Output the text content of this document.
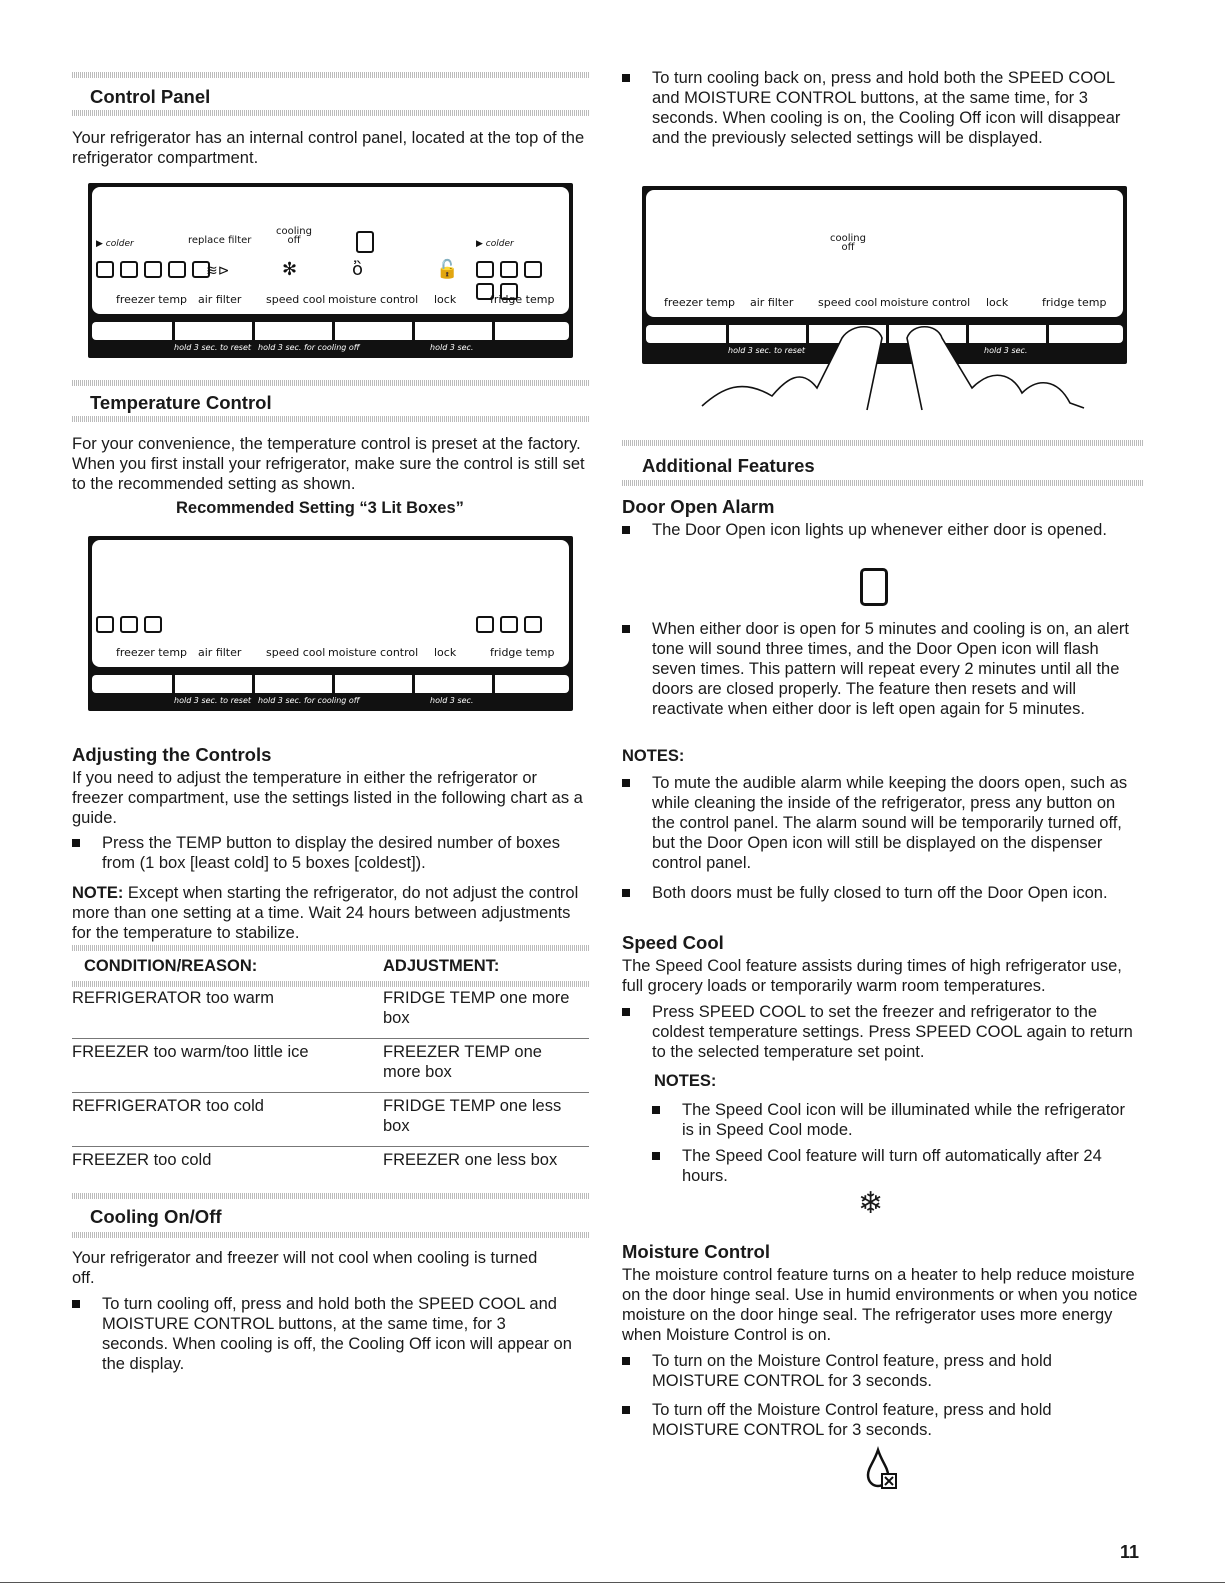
Control Panel

Your refrigerator has an internal control panel, located at the top of the refrigerator compartment.

▶ colder	replace filter
cooling off	▶ colder
≋⊳	✻	ὂ	🔓
freezer temp air filter speed cool moisture control lock	fridge temp
hold 3 sec. to reset hold 3 sec. for cooling off	hold 3 sec.
Temperature Control

For your convenience, the temperature control is preset at the factory. When you first install your refrigerator, make sure the control is still set to the recommended setting as shown.

Recommended Setting “3 Lit Boxes”
freezer temp air filter speed cool moisture control lock	fridge temp
hold 3 sec. to reset hold 3 sec. for cooling off	hold 3 sec.
Adjusting the Controls

If you need to adjust the temperature in either the refrigerator or freezer compartment, use the settings listed in the following chart as a guide.

Press the TEMP button to display the desired number of boxes from (1 box [least cold] to 5 boxes [coldest]).

NOTE: Except when starting the refrigerator, do not adjust the control more than one setting at a time. Wait 24 hours between adjustments for the temperature to stabilize.

CONDITION/REASON:	ADJUSTMENT:
REFRIGERATOR too warm	FRIDGE TEMP one more box
FREEZER too warm/too little ice	FREEZER TEMP one more box
REFRIGERATOR too cold	FRIDGE TEMP one less box
FREEZER too cold	FREEZER one less box
Cooling On/Off

Your refrigerator and freezer will not cool when cooling is turned off.

To turn cooling off, press and hold both the SPEED COOL and MOISTURE CONTROL buttons, at the same time, for 3 seconds. When cooling is off, the Cooling Off icon will appear on the display.
To turn cooling back on, press and hold both the SPEED COOL and MOISTURE CONTROL buttons, at the same time, for 3 seconds. When cooling is on, the Cooling Off icon will disappear and the previously selected settings will be displayed.
cooling off
freezer temp air filter speed cool moisture control lock	fridge temp
hold 3 sec. to reset	hold 3 sec.
Additional Features
Door Open Alarm
The Door Open icon lights up whenever either door is opened.
When either door is open for 5 minutes and cooling is on, an alert tone will sound three times, and the Door Open icon will flash seven times. This pattern will repeat every 2 minutes until all the doors are closed properly. The feature then resets and will reactivate when either door is left open again for 5 minutes.
NOTES:
To mute the audible alarm while keeping the doors open, such as while cleaning the inside of the refrigerator, press any button on the control panel. The alarm sound will be temporarily turned off, but the Door Open icon will still be displayed on the dispenser control panel.
Both doors must be fully closed to turn off the Door Open icon.
Speed Cool

The Speed Cool feature assists during times of high refrigerator use, full grocery loads or temporarily warm room temperatures.

Press SPEED COOL to set the freezer and refrigerator to the coldest temperature settings. Press SPEED COOL again to return to the selected temperature set point.
NOTES:
The Speed Cool icon will be illuminated while the refrigerator is in Speed Cool mode.
The Speed Cool feature will turn off automatically after 24 hours.
❄
Moisture Control

The moisture control feature turns on a heater to help reduce moisture on the door hinge seal. Use in humid environments or when you notice moisture on the door hinge seal. The refrigerator uses more energy when Moisture Control is on.

To turn on the Moisture Control feature, press and hold MOISTURE CONTROL for 3 seconds.
To turn off the Moisture Control feature, press and hold MOISTURE CONTROL for 3 seconds.
11
